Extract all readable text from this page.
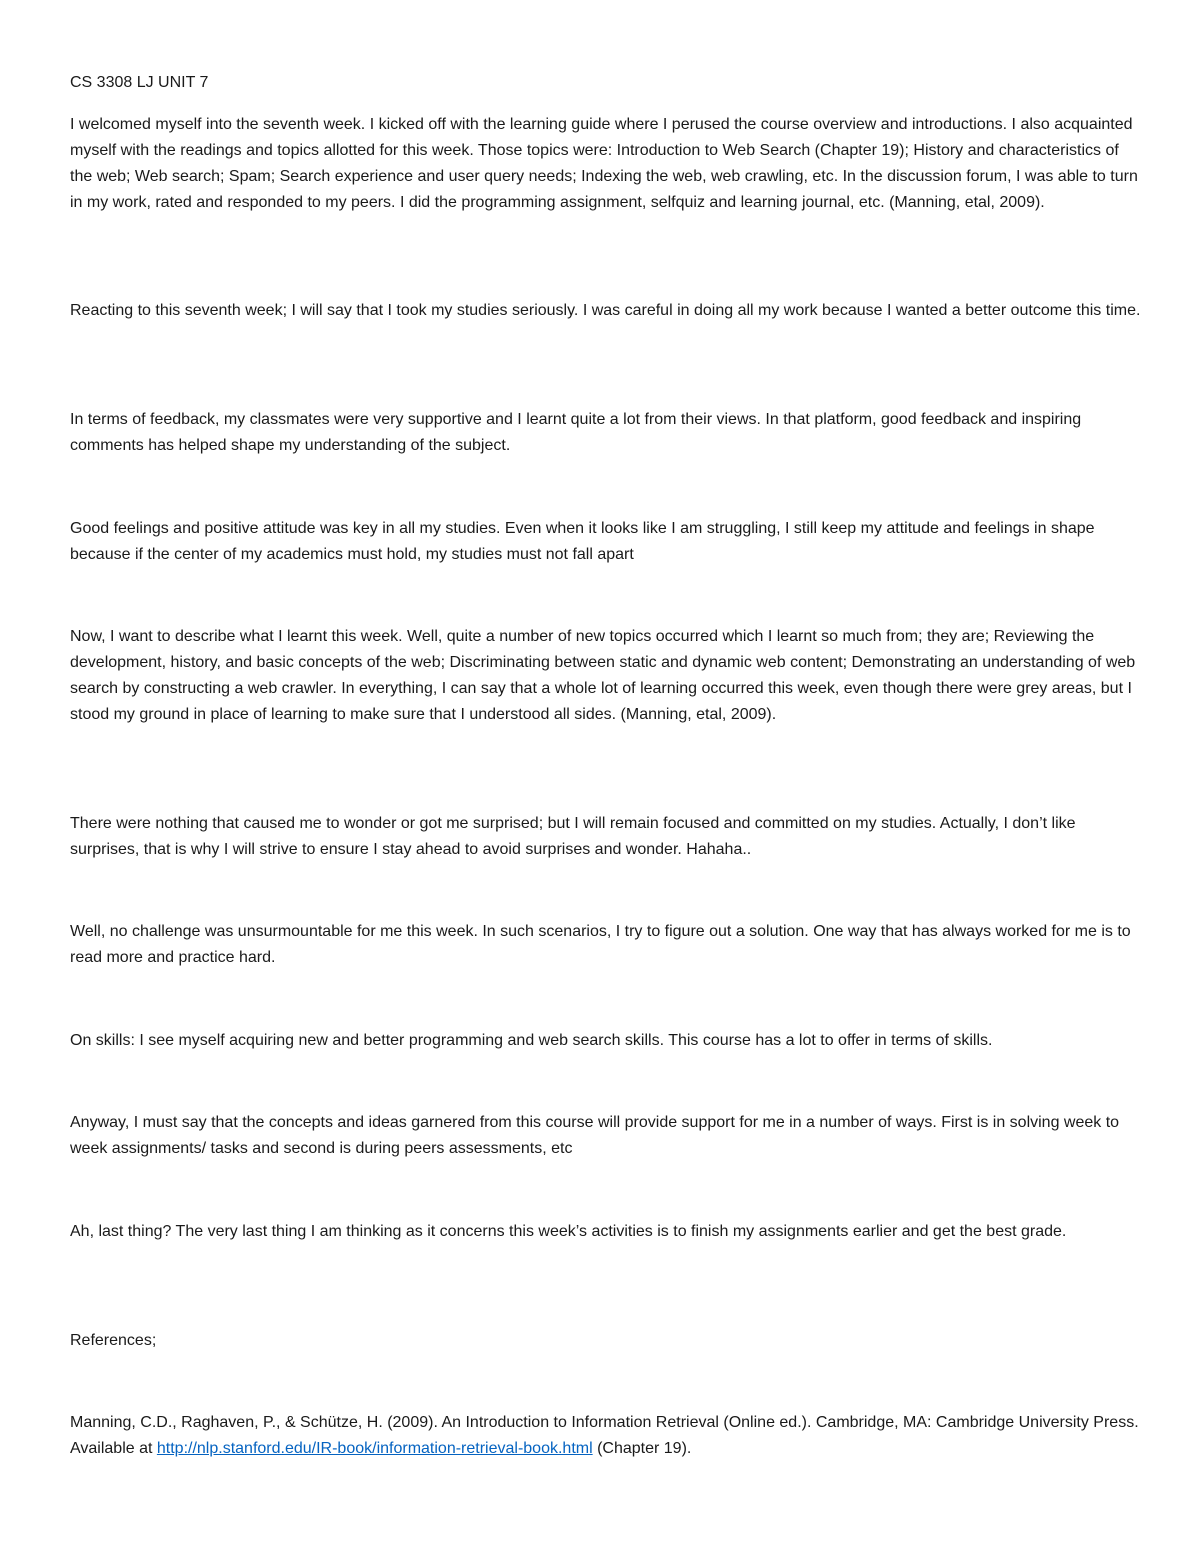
CS 3308 LJ UNIT 7

I welcomed myself into the seventh week. I kicked off with the learning guide where I perused the course overview and introductions. I also acquainted myself with the readings and topics allotted for this week. Those topics were: Introduction to Web Search (Chapter 19); History and characteristics of the web; Web search; Spam; Search experience and user query needs; Indexing the web, web crawling, etc. In the discussion forum, I was able to turn in my work, rated and responded to my peers. I did the programming assignment, selfquiz and learning journal, etc. (Manning, etal, 2009).

Reacting to this seventh week; I will say that I took my studies seriously. I was careful in doing all my work because I wanted a better outcome this time.

In terms of feedback, my classmates were very supportive and I learnt quite a lot from their views. In that platform, good feedback and inspiring comments has helped shape my understanding of the subject.

Good feelings and positive attitude was key in all my studies. Even when it looks like I am struggling, I still keep my attitude and feelings in shape because if the center of my academics must hold, my studies must not fall apart

Now, I want to describe what I learnt this week. Well, quite a number of new topics occurred which I learnt so much from; they are; Reviewing the development, history, and basic concepts of the web; Discriminating between static and dynamic web content; Demonstrating an understanding of web search by constructing a web crawler. In everything, I can say that a whole lot of learning occurred this week, even though there were grey areas, but I stood my ground in place of learning to make sure that I understood all sides. (Manning, etal, 2009).

There were nothing that caused me to wonder or got me surprised; but I will remain focused and committed on my studies. Actually, I don’t like surprises, that is why I will strive to ensure I stay ahead to avoid surprises and wonder. Hahaha..

Well, no challenge was unsurmountable for me this week. In such scenarios, I try to figure out a solution. One way that has always worked for me is to read more and practice hard.

On skills: I see myself acquiring new and better programming and web search skills. This course has a lot to offer in terms of skills.

Anyway, I must say that the concepts and ideas garnered from this course will provide support for me in a number of ways. First is in solving week to week assignments/ tasks and second is during peers assessments, etc

Ah, last thing? The very last thing I am thinking as it concerns this week’s activities is to finish my assignments earlier and get the best grade.

References;

Manning, C.D., Raghaven, P., & Schütze, H. (2009). An Introduction to Information Retrieval (Online ed.). Cambridge, MA: Cambridge University Press. Available at http://nlp.stanford.edu/IR-book/information-retrieval-book.html (Chapter 19).
